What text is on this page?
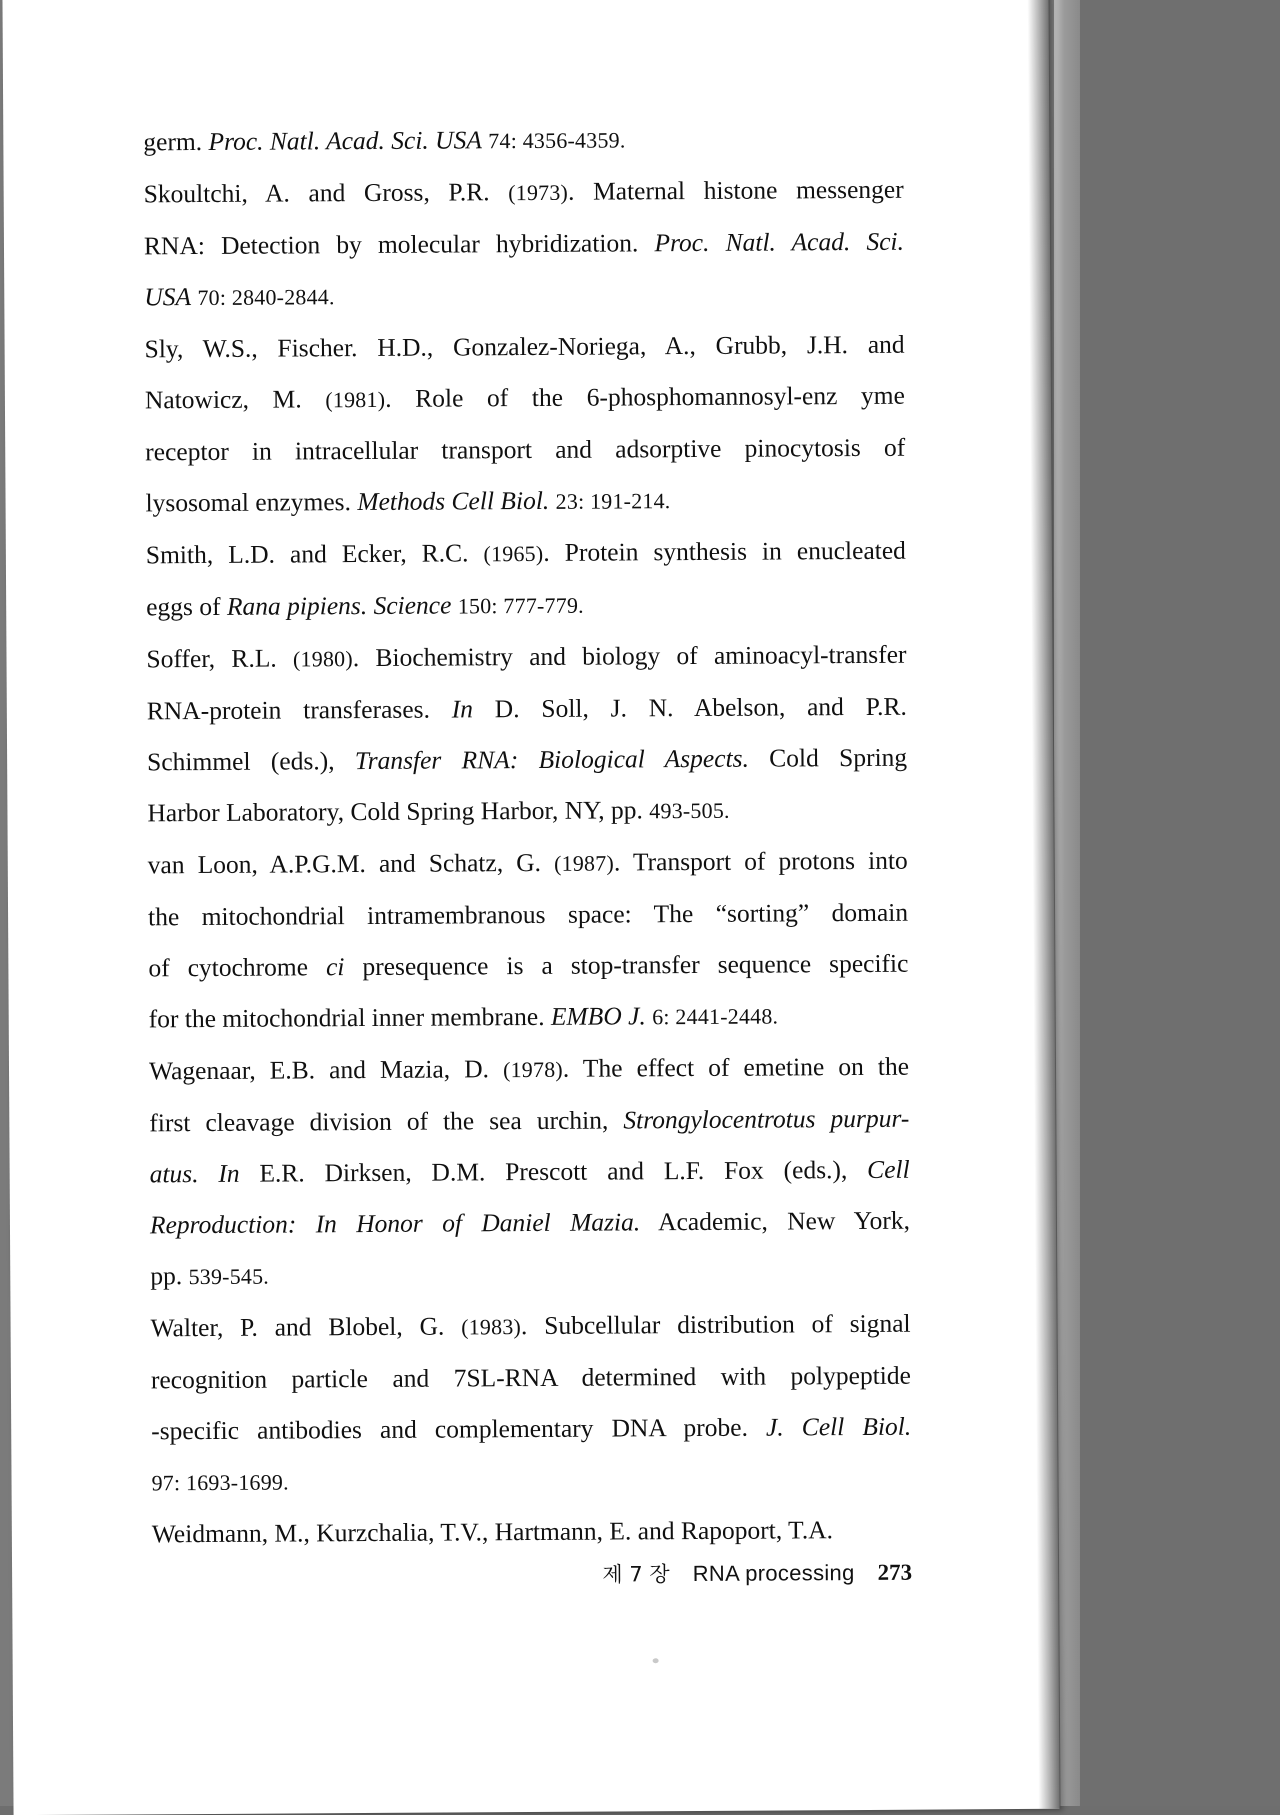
germ. Proc. Natl. Acad. Sci. USA 74: 4356-4359.

Skoultchi, A. and Gross, P.R. (1973). Maternal histone messenger
RNA: Detection by molecular hybridization. Proc. Natl. Acad. Sci.
USA 70: 2840-2844.

Sly, W.S., Fischer. H.D., Gonzalez-Noriega, A., Grubb, J.H. and
Natowicz, M. (1981). Role of the 6-phosphomannosyl-enz yme
receptor in intracellular transport and adsorptive pinocytosis of
lysosomal enzymes. Methods Cell Biol. 23: 191-214.

Smith, L.D. and Ecker, R.C. (1965). Protein synthesis in enucleated
eggs of Rana pipiens. Science 150: 777-779.

Soffer, R.L. (1980). Biochemistry and biology of aminoacyl-transfer
RNA-protein transferases. In D. Soll, J. N. Abelson, and P.R.
Schimmel (eds.), Transfer RNA: Biological Aspects. Cold Spring
Harbor Laboratory, Cold Spring Harbor, NY, pp. 493-505.

van Loon, A.P.G.M. and Schatz, G. (1987). Transport of protons into
the mitochondrial intramembranous space: The “sorting” domain
of cytochrome ci presequence is a stop-transfer sequence specific
for the mitochondrial inner membrane. EMBO J. 6: 2441-2448.

Wagenaar, E.B. and Mazia, D. (1978). The effect of emetine on the
first cleavage division of the sea urchin, Strongylocentrotus purpur-
atus. In E.R. Dirksen, D.M. Prescott and L.F. Fox (eds.), Cell
Reproduction: In Honor of Daniel Mazia. Academic, New York,
pp. 539-545.

Walter, P. and Blobel, G. (1983). Subcellular distribution of signal
recognition particle and 7SL-RNA determined with polypeptide
-specific antibodies and complementary DNA probe. J. Cell Biol.
97: 1693-1699.

Weidmann, M., Kurzchalia, T.V., Hartmann, E. and Rapoport, T.A.

제 7 장 RNA processing 273
